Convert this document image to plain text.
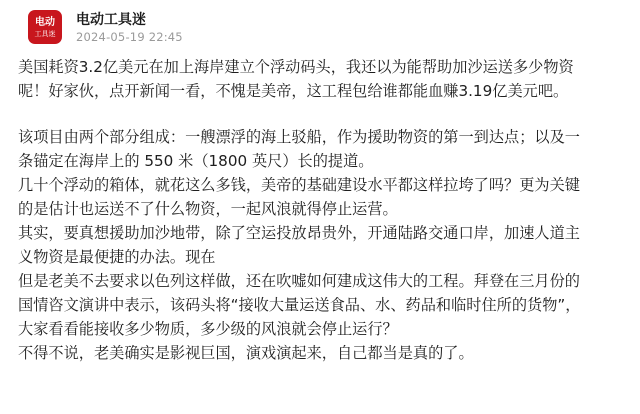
电动
工具迷
电动工具迷
2024-05-19 22:45

美国耗资3.2亿美元在加上海岸建立个浮动码头，我还以为能帮助加沙运送多少物资
呢！好家伙，点开新闻一看，不愧是美帝，这工程包给谁都能血赚3.19亿美元吧。

该项目由两个部分组成：一艘漂浮的海上驳船，作为援助物资的第一到达点；以及一
条锚定在海岸上的 550 米（1800 英尺）长的提道。

几十个浮动的箱体，就花这么多钱，美帝的基础建设水平都这样拉垮了吗？更为关键
的是估计也运送不了什么物资，一起风浪就得停止运营。

其实，要真想援助加沙地带，除了空运投放昂贵外，开通陆路交通口岸，加速人道主
义物资是最便捷的办法。现在

但是老美不去要求以色列这样做，还在吹嘘如何建成这伟大的工程。拜登在三月份的
国情咨文演讲中表示，该码头将“接收大量运送食品、水、药品和临时住所的货物”，
大家看看能接收多少物质，多少级的风浪就会停止运行？

不得不说，老美确实是影视巨国，演戏演起来，自己都当是真的了。
